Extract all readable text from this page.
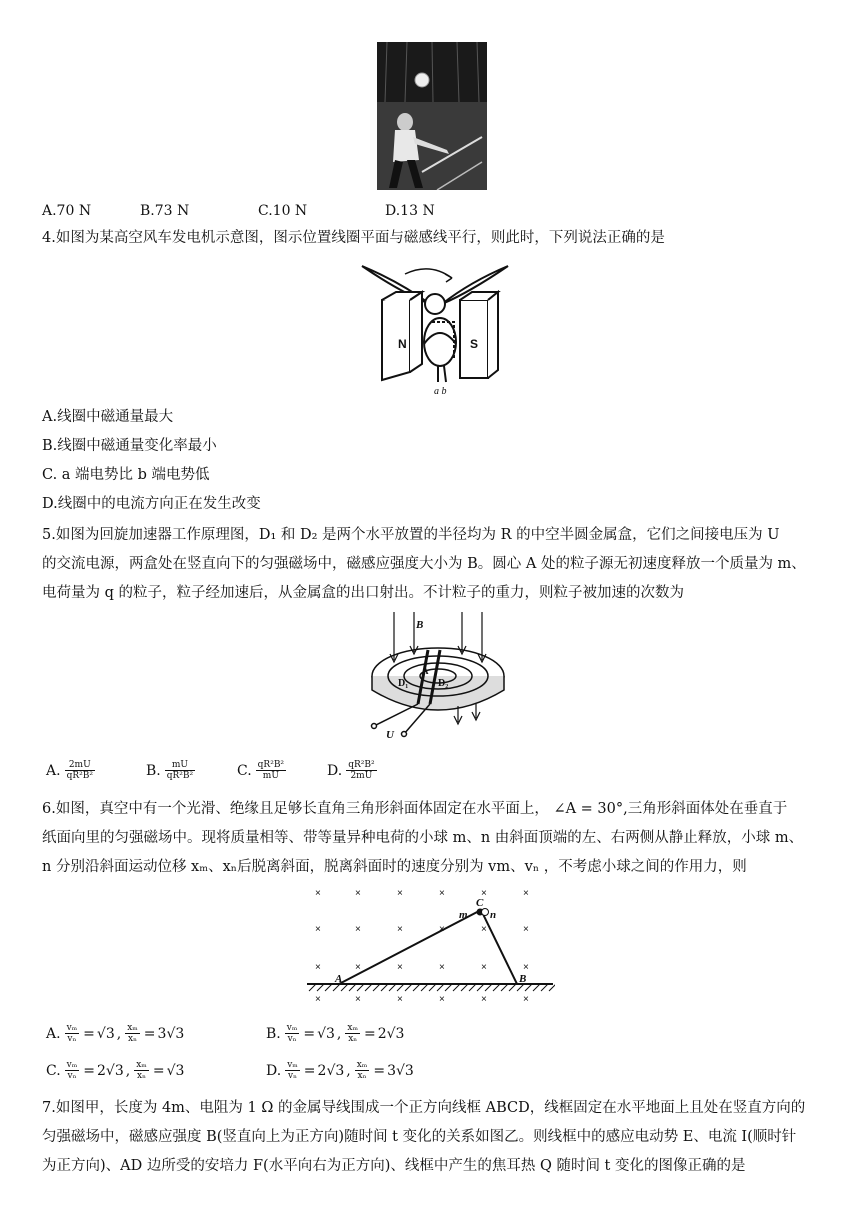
A.70 N	B.73 N	C.10 N	D.13 N
4.如图为某高空风车发电机示意图，图示位置线圈平面与磁感线平行，则此时，下列说法正确的是
N	S
a b
A.线圈中磁通量最大
B.线圈中磁通量变化率最小
C. a 端电势比 b 端电势低
D.线圈中的电流方向正在发生改变
5.如图为回旋加速器工作原理图，D₁ 和 D₂ 是两个水平放置的半径均为 R 的中空半圆金属盒，它们之间接电压为 U
的交流电源，两盒处在竖直向下的匀强磁场中，磁感应强度大小为 B。圆心 A 处的粒子源无初速度释放一个质量为 m、
电荷量为 q 的粒子，粒子经加速后，从金属盒的出口射出。不计粒子的重力，则粒子被加速的次数为
B
D₁	D₂
A
U
A. $\frac{2mU}{\text{qR²B²}}$	B. $\frac{mU}{\text{qR²B²}}$	C. $\frac{\text{qR²B²}}{mU}$	D. $\frac{\text{qR²B²}}{2mU}$
6.如图，真空中有一个光滑、绝缘且足够长直角三角形斜面体固定在水平面上， ∠A = 30°,三角形斜面体处在垂直于
纸面向里的匀强磁场中。现将质量相等、带等量异种电荷的小球 m、n 由斜面顶端的左、右两侧从静止释放，小球 m、
n 分别沿斜面运动位移 xₘ、xₙ后脱离斜面，脱离斜面时的速度分别为 vm、vₙ ，不考虑小球之间的作用力，则
×	×	×	×	×	×
×	×	×	×	×	×
×	×	×	×	×	×
×	×	×	×	×	×
m
C
n
A	B
A. $\frac{\text{vₘ}}{\text{vₙ}} = √3$ , $\frac{\text{xₘ}}{\text{xₙ}} = 3√3$	B. $\frac{\text{vₘ}}{\text{vₙ}} = √3$ , $\frac{\text{xₘ}}{\text{xₙ}} = 2√3$
C. $\frac{\text{vₘ}}{\text{vₙ}} = 2√3$ , $\frac{\text{xₘ}}{\text{xₙ}} = √3$	D. $\frac{\text{vₘ}}{\text{vₙ}} = 2√3$ , $\frac{\text{xₘ}}{\text{xₙ}} = 3√3$
7.如图甲，长度为 4m、电阻为 1 Ω 的金属导线围成一个正方向线框 ABCD，线框固定在水平地面上且处在竖直方向的
匀强磁场中，磁感应强度 B(竖直向上为正方向)随时间 t 变化的关系如图乙。则线框中的感应电动势 E、电流 I(顺时针
为正方向)、AD 边所受的安培力 F(水平向右为正方向)、线框中产生的焦耳热 Q 随时间 t 变化的图像正确的是
